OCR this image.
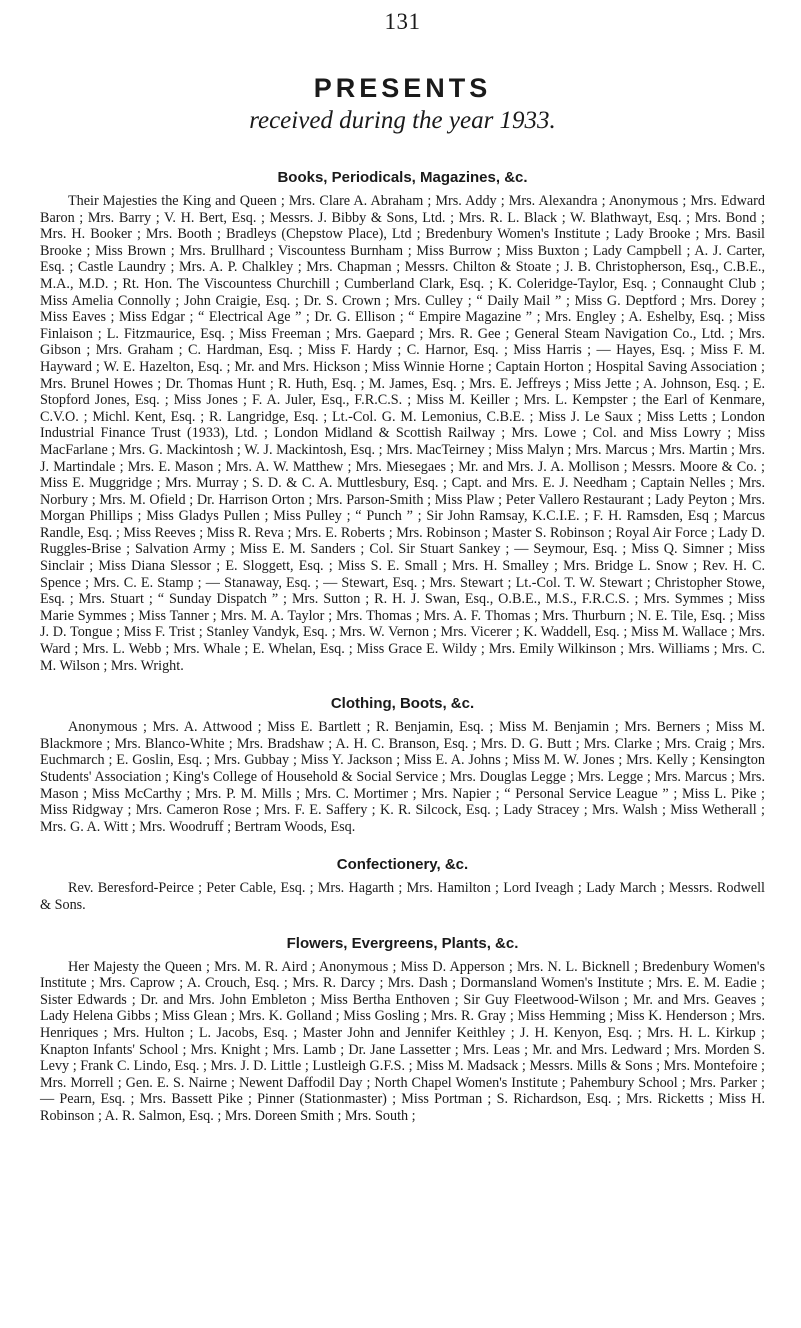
131
PRESENTS
received during the year 1933.
Books, Periodicals, Magazines, &c.

Their Majesties the King and Queen ; Mrs. Clare A. Abraham ; Mrs. Addy ; Mrs. Alexandra ; Anonymous ; Mrs. Edward Baron ; Mrs. Barry ; V. H. Bert, Esq. ; Messrs. J. Bibby & Sons, Ltd. ; Mrs. R. L. Black ; W. Blathwayt, Esq. ; Mrs. Bond ; Mrs. H. Booker ; Mrs. Booth ; Bradleys (Chepstow Place), Ltd ; Bredenbury Women's Institute ; Lady Brooke ; Mrs. Basil Brooke ; Miss Brown ; Mrs. Brullhard ; Viscountess Burnham ; Miss Burrow ; Miss Buxton ; Lady Campbell ; A. J. Carter, Esq. ; Castle Laundry ; Mrs. A. P. Chalkley ; Mrs. Chapman ; Messrs. Chilton & Stoate ; J. B. Christopherson, Esq., C.B.E., M.A., M.D. ; Rt. Hon. The Viscountess Churchill ; Cumberland Clark, Esq. ; K. Coleridge-Taylor, Esq. ; Connaught Club ; Miss Amelia Connolly ; John Craigie, Esq. ; Dr. S. Crown ; Mrs. Culley ; “ Daily Mail ” ; Miss G. Deptford ; Mrs. Dorey ; Miss Eaves ; Miss Edgar ; “ Electrical Age ” ; Dr. G. Ellison ; “ Empire Magazine ” ; Mrs. Engley ; A. Eshelby, Esq. ; Miss Finlaison ; L. Fitzmaurice, Esq. ; Miss Freeman ; Mrs. Gaepard ; Mrs. R. Gee ; General Steam Navigation Co., Ltd. ; Mrs. Gibson ; Mrs. Graham ; C. Hardman, Esq. ; Miss F. Hardy ; C. Harnor, Esq. ; Miss Harris ; — Hayes, Esq. ; Miss F. M. Hayward ; W. E. Hazelton, Esq. ; Mr. and Mrs. Hickson ; Miss Winnie Horne ; Captain Horton ; Hospital Saving Association ; Mrs. Brunel Howes ; Dr. Thomas Hunt ; R. Huth, Esq. ; M. James, Esq. ; Mrs. E. Jeffreys ; Miss Jette ; A. Johnson, Esq. ; E. Stopford Jones, Esq. ; Miss Jones ; F. A. Juler, Esq., F.R.C.S. ; Miss M. Keiller ; Mrs. L. Kempster ; the Earl of Kenmare, C.V.O. ; Michl. Kent, Esq. ; R. Langridge, Esq. ; Lt.-Col. G. M. Lemonius, C.B.E. ; Miss J. Le Saux ; Miss Letts ; London Industrial Finance Trust (1933), Ltd. ; London Midland & Scottish Railway ; Mrs. Lowe ; Col. and Miss Lowry ; Miss MacFarlane ; Mrs. G. Mackintosh ; W. J. Mackintosh, Esq. ; Mrs. MacTeirney ; Miss Malyn ; Mrs. Marcus ; Mrs. Martin ; Mrs. J. Martindale ; Mrs. E. Mason ; Mrs. A. W. Matthew ; Mrs. Miesegaes ; Mr. and Mrs. J. A. Mollison ; Messrs. Moore & Co. ; Miss E. Muggridge ; Mrs. Murray ; S. D. & C. A. Muttlesbury, Esq. ; Capt. and Mrs. E. J. Needham ; Captain Nelles ; Mrs. Norbury ; Mrs. M. Ofield ; Dr. Harrison Orton ; Mrs. Parson-Smith ; Miss Plaw ; Peter Vallero Restaurant ; Lady Peyton ; Mrs. Morgan Phillips ; Miss Gladys Pullen ; Miss Pulley ; “ Punch ” ; Sir John Ramsay, K.C.I.E. ; F. H. Ramsden, Esq ; Marcus Randle, Esq. ; Miss Reeves ; Miss R. Reva ; Mrs. E. Roberts ; Mrs. Robinson ; Master S. Robinson ; Royal Air Force ; Lady D. Ruggles-Brise ; Salvation Army ; Miss E. M. Sanders ; Col. Sir Stuart Sankey ; — Seymour, Esq. ; Miss Q. Simner ; Miss Sinclair ; Miss Diana Slessor ; E. Sloggett, Esq. ; Miss S. E. Small ; Mrs. H. Smalley ; Mrs. Bridge L. Snow ; Rev. H. C. Spence ; Mrs. C. E. Stamp ; — Stanaway, Esq. ; — Stewart, Esq. ; Mrs. Stewart ; Lt.-Col. T. W. Stewart ; Christopher Stowe, Esq. ; Mrs. Stuart ; “ Sunday Dispatch ” ; Mrs. Sutton ; R. H. J. Swan, Esq., O.B.E., M.S., F.R.C.S. ; Mrs. Symmes ; Miss Marie Symmes ; Miss Tanner ; Mrs. M. A. Taylor ; Mrs. Thomas ; Mrs. A. F. Thomas ; Mrs. Thurburn ; N. E. Tile, Esq. ; Miss J. D. Tongue ; Miss F. Trist ; Stanley Vandyk, Esq. ; Mrs. W. Vernon ; Mrs. Vicerer ; K. Waddell, Esq. ; Miss M. Wallace ; Mrs. Ward ; Mrs. L. Webb ; Mrs. Whale ; E. Whelan, Esq. ; Miss Grace E. Wildy ; Mrs. Emily Wilkinson ; Mrs. Williams ; Mrs. C. M. Wilson ; Mrs. Wright.

Clothing, Boots, &c.

Anonymous ; Mrs. A. Attwood ; Miss E. Bartlett ; R. Benjamin, Esq. ; Miss M. Benjamin ; Mrs. Berners ; Miss M. Blackmore ; Mrs. Blanco-White ; Mrs. Bradshaw ; A. H. C. Branson, Esq. ; Mrs. D. G. Butt ; Mrs. Clarke ; Mrs. Craig ; Mrs. Euchmarch ; E. Goslin, Esq. ; Mrs. Gubbay ; Miss Y. Jackson ; Miss E. A. Johns ; Miss M. W. Jones ; Mrs. Kelly ; Kensington Students' Association ; King's College of Household & Social Service ; Mrs. Douglas Legge ; Mrs. Legge ; Mrs. Marcus ; Mrs. Mason ; Miss McCarthy ; Mrs. P. M. Mills ; Mrs. C. Mortimer ; Mrs. Napier ; “ Personal Service League ” ; Miss L. Pike ; Miss Ridgway ; Mrs. Cameron Rose ; Mrs. F. E. Saffery ; K. R. Silcock, Esq. ; Lady Stracey ; Mrs. Walsh ; Miss Wetherall ; Mrs. G. A. Witt ; Mrs. Woodruff ; Bertram Woods, Esq.

Confectionery, &c.

Rev. Beresford-Peirce ; Peter Cable, Esq. ; Mrs. Hagarth ; Mrs. Hamilton ; Lord Iveagh ; Lady March ; Messrs. Rodwell & Sons.

Flowers, Evergreens, Plants, &c.

Her Majesty the Queen ; Mrs. M. R. Aird ; Anonymous ; Miss D. Apperson ; Mrs. N. L. Bicknell ; Bredenbury Women's Institute ; Mrs. Caprow ; A. Crouch, Esq. ; Mrs. R. Darcy ; Mrs. Dash ; Dormansland Women's Institute ; Mrs. E. M. Eadie ; Sister Edwards ; Dr. and Mrs. John Embleton ; Miss Bertha Enthoven ; Sir Guy Fleetwood-Wilson ; Mr. and Mrs. Geaves ; Lady Helena Gibbs ; Miss Glean ; Mrs. K. Golland ; Miss Gosling ; Mrs. R. Gray ; Miss Hemming ; Miss K. Henderson ; Mrs. Henriques ; Mrs. Hulton ; L. Jacobs, Esq. ; Master John and Jennifer Keithley ; J. H. Kenyon, Esq. ; Mrs. H. L. Kirkup ; Knapton Infants' School ; Mrs. Knight ; Mrs. Lamb ; Dr. Jane Lassetter ; Mrs. Leas ; Mr. and Mrs. Ledward ; Mrs. Morden S. Levy ; Frank C. Lindo, Esq. ; Mrs. J. D. Little ; Lustleigh G.F.S. ; Miss M. Madsack ; Messrs. Mills & Sons ; Mrs. Montefoire ; Mrs. Morrell ; Gen. E. S. Nairne ; Newent Daffodil Day ; North Chapel Women's Institute ; Pahembury School ; Mrs. Parker ; — Pearn, Esq. ; Mrs. Bassett Pike ; Pinner (Stationmaster) ; Miss Portman ; S. Richardson, Esq. ; Mrs. Ricketts ; Miss H. Robinson ; A. R. Salmon, Esq. ; Mrs. Doreen Smith ; Mrs. South ;
